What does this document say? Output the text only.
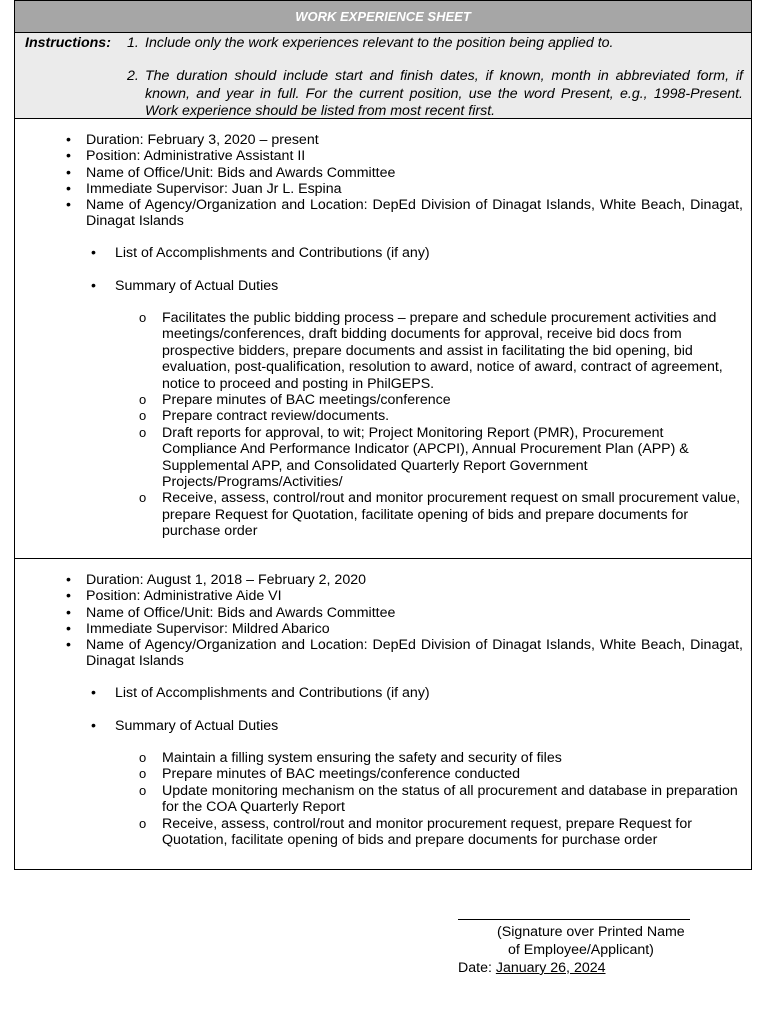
WORK EXPERIENCE SHEET
Instructions: 1. Include only the work experiences relevant to the position being applied to.
2. The duration should include start and finish dates, if known, month in abbreviated form, if known, and year in full. For the current position, use the word Present, e.g., 1998-Present. Work experience should be listed from most recent first.
• Duration: February 3, 2020 – present
• Position: Administrative Assistant II
• Name of Office/Unit: Bids and Awards Committee
• Immediate Supervisor: Juan Jr L. Espina
• Name of Agency/Organization and Location: DepEd Division of Dinagat Islands, White Beach, Dinagat, Dinagat Islands
• List of Accomplishments and Contributions (if any)
• Summary of Actual Duties
o Facilitates the public bidding process – prepare and schedule procurement activities and meetings/conferences, draft bidding documents for approval, receive bid docs from prospective bidders, prepare documents and assist in facilitating the bid opening, bid evaluation, post-qualification, resolution to award, notice of award, contract of agreement, notice to proceed and posting in PhilGEPS.
o Prepare minutes of BAC meetings/conference
o Prepare contract review/documents.
o Draft reports for approval, to wit; Project Monitoring Report (PMR), Procurement Compliance And Performance Indicator (APCPI), Annual Procurement Plan (APP) & Supplemental APP, and Consolidated Quarterly Report Government Projects/Programs/Activities/
o Receive, assess, control/rout and monitor procurement request on small procurement value, prepare Request for Quotation, facilitate opening of bids and prepare documents for purchase order
• Duration: August 1, 2018 – February 2, 2020
• Position: Administrative Aide VI
• Name of Office/Unit: Bids and Awards Committee
• Immediate Supervisor: Mildred Abarico
• Name of Agency/Organization and Location: DepEd Division of Dinagat Islands, White Beach, Dinagat, Dinagat Islands
• List of Accomplishments and Contributions (if any)
• Summary of Actual Duties
o Maintain a filling system ensuring the safety and security of files
o Prepare minutes of BAC meetings/conference conducted
o Update monitoring mechanism on the status of all procurement and database in preparation for the COA Quarterly Report
o Receive, assess, control/rout and monitor procurement request, prepare Request for Quotation, facilitate opening of bids and prepare documents for purchase order
(Signature over Printed Name
of Employee/Applicant)
Date: January 26, 2024
